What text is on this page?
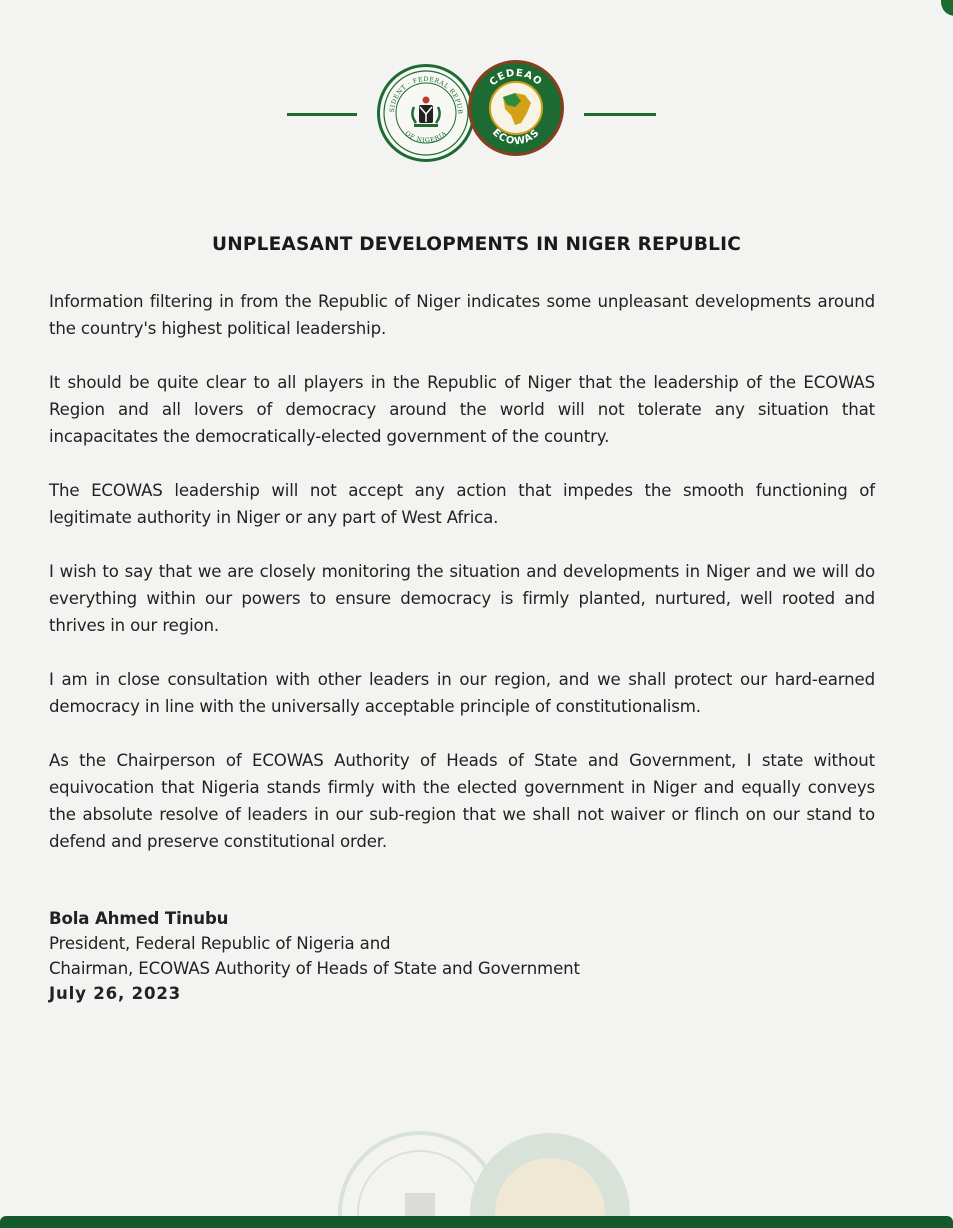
SIDENT · FEDERAL REPUB
OF NIGERIA
CEDEAO
ECOWAS
UNPLEASANT DEVELOPMENTS IN NIGER REPUBLIC

Information filtering in from the Republic of Niger indicates some unpleasant developments around the country's highest political leadership.

It should be quite clear to all players in the Republic of Niger that the leadership of the ECOWAS Region and all lovers of democracy around the world will not tolerate any situation that incapacitates the democratically-elected government of the country.

The ECOWAS leadership will not accept any action that impedes the smooth functioning of legitimate authority in Niger or any part of West Africa.

I wish to say that we are closely monitoring the situation and developments in Niger and we will do everything within our powers to ensure democracy is firmly planted, nurtured, well rooted and thrives in our region.

I am in close consultation with other leaders in our region, and we shall protect our hard-earned democracy in line with the universally acceptable principle of constitutionalism.

As the Chairperson of ECOWAS Authority of Heads of State and Government, I state without equivocation that Nigeria stands firmly with the elected government in Niger and equally conveys the absolute resolve of leaders in our sub-region that we shall not waiver or flinch on our stand to defend and preserve constitutional order.

Bola Ahmed Tinubu
President, Federal Republic of Nigeria and
Chairman, ECOWAS Authority of Heads of State and Government
July 26, 2023
